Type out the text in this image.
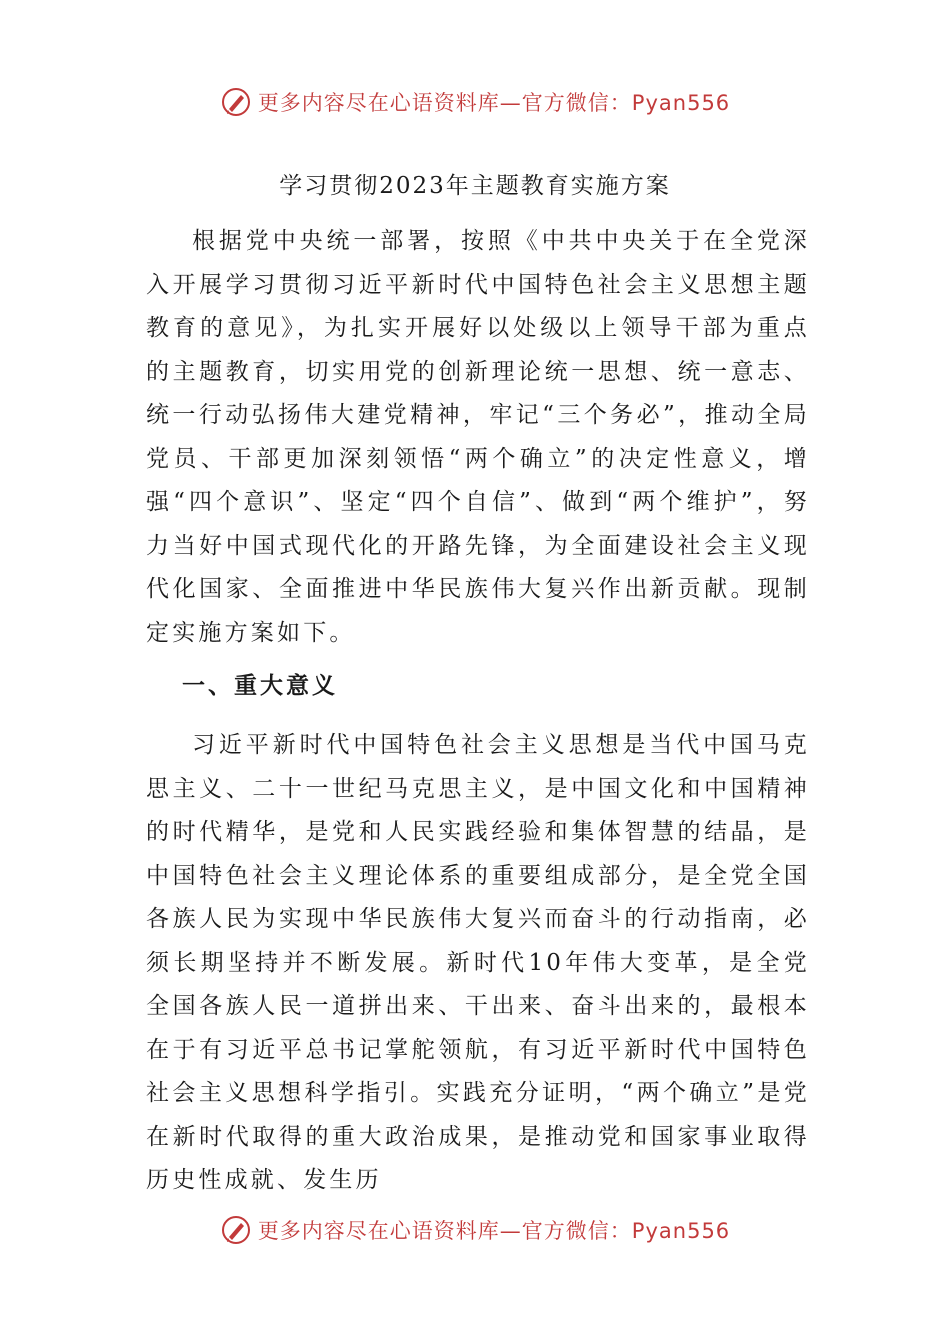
更多内容尽在心语资料库—官方微信：Pyan556
学习贯彻2023年主题教育实施方案

根据党中央统一部署，按照《中共中央关于在全党深入开展学习贯彻习近平新时代中国特色社会主义思想主题教育的意见》，为扎实开展好以处级以上领导干部为重点的主题教育，切实用党的创新理论统一思想、统一意志、统一行动弘扬伟大建党精神，牢记“三个务必”，推动全局党员、干部更加深刻领悟“两个确立”的决定性意义，增强“四个意识”、坚定“四个自信”、做到“两个维护”，努力当好中国式现代化的开路先锋，为全面建设社会主义现代化国家、全面推进中华民族伟大复兴作出新贡献。现制定实施方案如下。

一、重大意义

习近平新时代中国特色社会主义思想是当代中国马克思主义、二十一世纪马克思主义，是中国文化和中国精神的时代精华，是党和人民实践经验和集体智慧的结晶，是中国特色社会主义理论体系的重要组成部分，是全党全国各族人民为实现中华民族伟大复兴而奋斗的行动指南，必须长期坚持并不断发展。新时代10年伟大变革，是全党全国各族人民一道拼出来、干出来、奋斗出来的，最根本在于有习近平总书记掌舵领航，有习近平新时代中国特色社会主义思想科学指引。实践充分证明，“两个确立”是党在新时代取得的重大政治成果，是推动党和国家事业取得历史性成就、发生历

更多内容尽在心语资料库—官方微信：Pyan556
